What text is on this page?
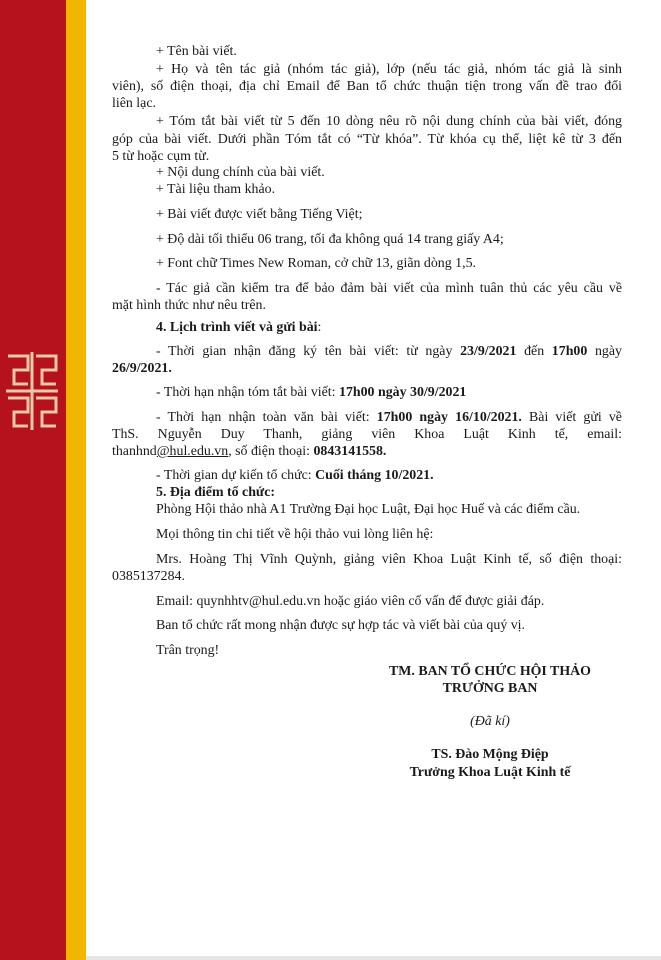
+ Tên bài viết.
+ Họ và tên tác giả (nhóm tác giả), lớp (nếu tác giả, nhóm tác giả là sinh
viên), số điện thoại, địa chỉ Email để Ban tổ chức thuận tiện trong vấn đề trao đổi
liên lạc.
+ Tóm tắt bài viết từ 5 đến 10 dòng nêu rõ nội dung chính của bài viết, đóng
góp của bài viết. Dưới phần Tóm tắt có “Từ khóa”. Từ khóa cụ thể, liệt kê từ 3 đến
5 từ hoặc cụm từ.
+ Nội dung chính của bài viết.
+ Tài liệu tham khảo.
+ Bài viết được viết bằng Tiếng Việt;
+ Độ dài tối thiểu 06 trang, tối đa không quá 14 trang giấy A4;
+ Font chữ Times New Roman, cở chữ 13, giãn dòng 1,5.
- Tác giả cần kiểm tra để bảo đảm bài viết của mình tuân thủ các yêu cầu về
mặt hình thức như nêu trên.
4. Lịch trình viết và gửi bài:
- Thời gian nhận đăng ký tên bài viết: từ ngày 23/9/2021 đến 17h00 ngày
26/9/2021.
- Thời hạn nhận tóm tắt bài viết: 17h00 ngày 30/9/2021
- Thời hạn nhận toàn văn bài viết: 17h00 ngày 16/10/2021. Bài viết gửi về
ThS. Nguyễn Duy Thanh, giảng viên Khoa Luật Kinh tế, email:
thanhnd@hul.edu.vn, số điện thoại: 0843141558.
- Thời gian dự kiến tổ chức: Cuối tháng 10/2021.
5. Địa điểm tổ chức:
Phòng Hội thảo nhà A1 Trường Đại học Luật, Đại học Huế và các điểm cầu.
Mọi thông tin chi tiết về hội thảo vui lòng liên hệ:
Mrs. Hoàng Thị Vĩnh Quỳnh, giảng viên Khoa Luật Kinh tế, số điện thoại:
0385137284.
Email: quynhhtv@hul.edu.vn hoặc giáo viên cố vấn để được giải đáp.
Ban tổ chức rất mong nhận được sự hợp tác và viết bài của quý vị.
Trân trọng!
TM. BAN TỔ CHỨC HỘI THẢO
TRƯỞNG BAN
(Đã kí)
TS. Đào Mộng Điệp
Trưởng Khoa Luật Kinh tế
